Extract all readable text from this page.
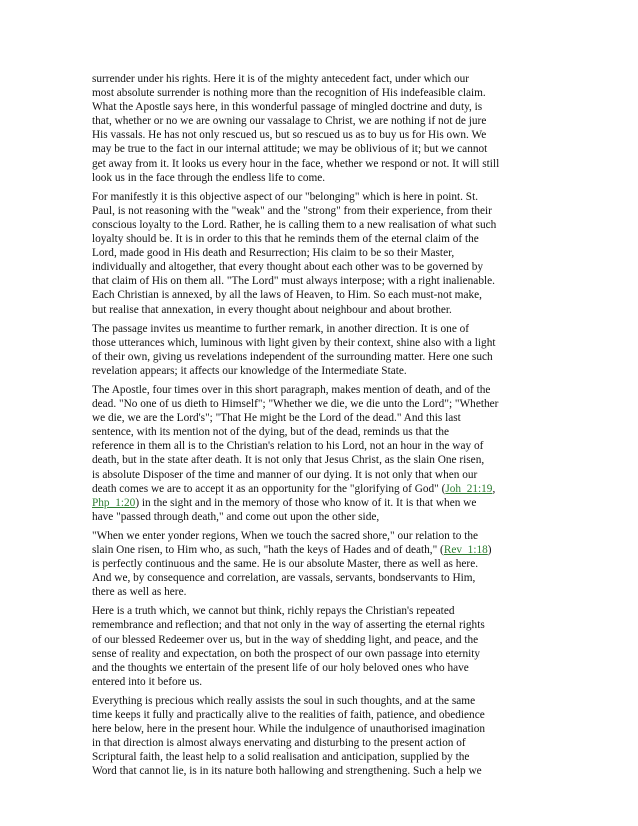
surrender under his rights. Here it is of the mighty antecedent fact, under which our
most absolute surrender is nothing more than the recognition of His indefeasible claim.
What the Apostle says here, in this wonderful passage of mingled doctrine and duty, is
that, whether or no we are owning our vassalage to Christ, we are nothing if not de jure
His vassals. He has not only rescued us, but so rescued us as to buy us for His own. We
may be true to the fact in our internal attitude; we may be oblivious of it; but we cannot
get away from it. It looks us every hour in the face, whether we respond or not. It will still
look us in the face through the endless life to come.

For manifestly it is this objective aspect of our "belonging" which is here in point. St.
Paul, is not reasoning with the "weak" and the "strong" from their experience, from their
conscious loyalty to the Lord. Rather, he is calling them to a new realisation of what such
loyalty should be. It is in order to this that he reminds them of the eternal claim of the
Lord, made good in His death and Resurrection; His claim to be so their Master,
individually and altogether, that every thought about each other was to be governed by
that claim of His on them all. "The Lord" must always interpose; with a right inalienable.
Each Christian is annexed, by all the laws of Heaven, to Him. So each must-not make,
but realise that annexation, in every thought about neighbour and about brother.

The passage invites us meantime to further remark, in another direction. It is one of
those utterances which, luminous with light given by their context, shine also with a light
of their own, giving us revelations independent of the surrounding matter. Here one such
revelation appears; it affects our knowledge of the Intermediate State.

The Apostle, four times over in this short paragraph, makes mention of death, and of the
dead. "No one of us dieth to Himself"; "Whether we die, we die unto the Lord"; "Whether
we die, we are the Lord's"; "That He might be the Lord of the dead." And this last
sentence, with its mention not of the dying, but of the dead, reminds us that the
reference in them all is to the Christian's relation to his Lord, not an hour in the way of
death, but in the state after death. It is not only that Jesus Christ, as the slain One risen,
is absolute Disposer of the time and manner of our dying. It is not only that when our
death comes we are to accept it as an opportunity for the "glorifying of God" (Joh_21:19,
Php_1:20) in the sight and in the memory of those who know of it. It is that when we
have "passed through death," and come out upon the other side,

"When we enter yonder regions, When we touch the sacred shore," our relation to the
slain One risen, to Him who, as such, "hath the keys of Hades and of death," (Rev_1:18)
is perfectly continuous and the same. He is our absolute Master, there as well as here.
And we, by consequence and correlation, are vassals, servants, bondservants to Him,
there as well as here.

Here is a truth which, we cannot but think, richly repays the Christian's repeated
remembrance and reflection; and that not only in the way of asserting the eternal rights
of our blessed Redeemer over us, but in the way of shedding light, and peace, and the
sense of reality and expectation, on both the prospect of our own passage into eternity
and the thoughts we entertain of the present life of our holy beloved ones who have
entered into it before us.

Everything is precious which really assists the soul in such thoughts, and at the same
time keeps it fully and practically alive to the realities of faith, patience, and obedience
here below, here in the present hour. While the indulgence of unauthorised imagination
in that direction is almost always enervating and disturbing to the present action of
Scriptural faith, the least help to a solid realisation and anticipation, supplied by the
Word that cannot lie, is in its nature both hallowing and strengthening. Such a help we
